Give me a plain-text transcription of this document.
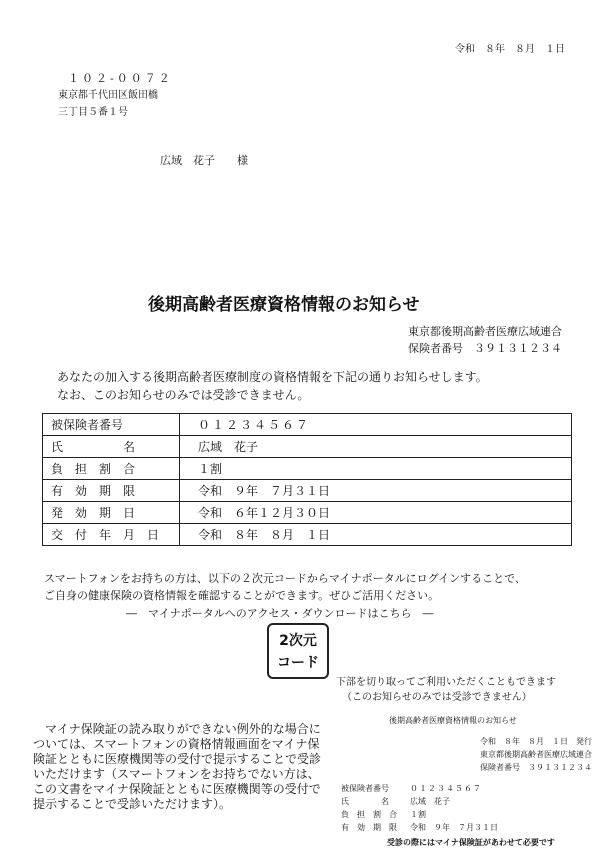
令和　８年　８月　１日
１０２-００７２
東京都千代田区飯田橋
三丁目５番１号
広域　花子　　様
後期高齢者医療資格情報のお知らせ
東京都後期高齢者医療広域連合
保険者番号　３９１３１２３４
あなたの加入する後期高齢者医療制度の資格情報を下記の通りお知らせします。
なお、このお知らせのみでは受診できません。
被保険者番号	０１２３４５６７
氏　　　　　名	広域　花子
負　担　割　合	１割
有　効　期　限	令和　９年　７月３１日
発　効　期　日	令和　６年１２月３０日
交　付　年　月　日	令和　８年　８月　１日
スマートフォンをお持ちの方は、以下の２次元コードからマイナポータルにログインすることで、
ご自身の健康保険の資格情報を確認することができます。ぜひご活用ください。
―　マイナポータルへのアクセス・ダウンロードはこちら　―
2次元
コード
下部を切り取ってご利用いただくこともできます
（このお知らせのみでは受診できません）
マイナ保険証の読み取りができない例外的な場合については、スマートフォンの資格情報画面をマイナ保険証とともに医療機関等の受付で提示することで受診いただけます（スマートフォンをお持ちでない方は、この文書をマイナ保険証とともに医療機関等の受付で提示することで受診いただけます）。
後期高齢者医療資格情報のお知らせ
令和　８年　８月　１日　発行
東京都後期高齢者医療広域連合
保険者番号　３９１３１２３４
被保険者番号	０１２３４５６７
氏　　　　名	広域　花子
負　担　割　合 １割
有　効　期　限 令和　９年　７月３１日
受診の際にはマイナ保険証があわせて必要です
